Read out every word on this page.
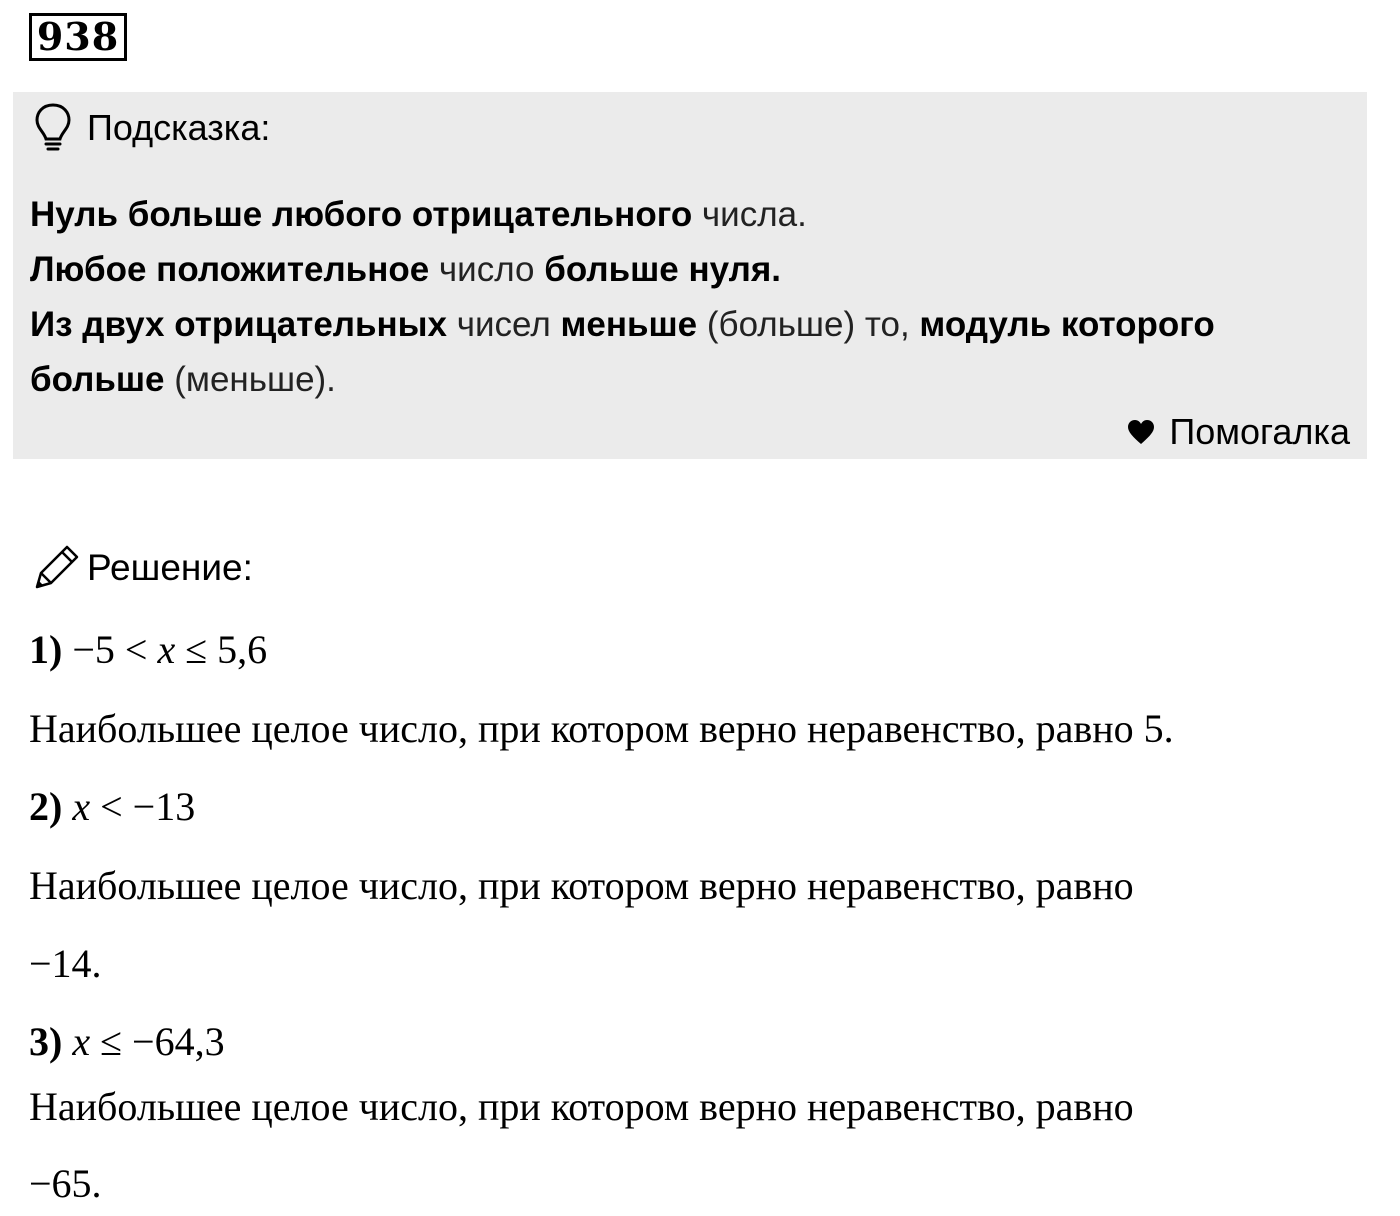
938
Подсказка:
Нуль больше любого отрицательного числа.
Любое положительное число больше нуля.
Из двух отрицательных чисел меньше (больше) то, модуль которого
больше (меньше).
Помогалка
Решение:
1) −5 < x ≤ 5,6
Наибольшее целое число, при котором верно неравенство, равно 5.
2) x < −13
Наибольшее целое число, при котором верно неравенство, равно
−14.
3) x ≤ −64,3
Наибольшее целое число, при котором верно неравенство, равно
−65.
